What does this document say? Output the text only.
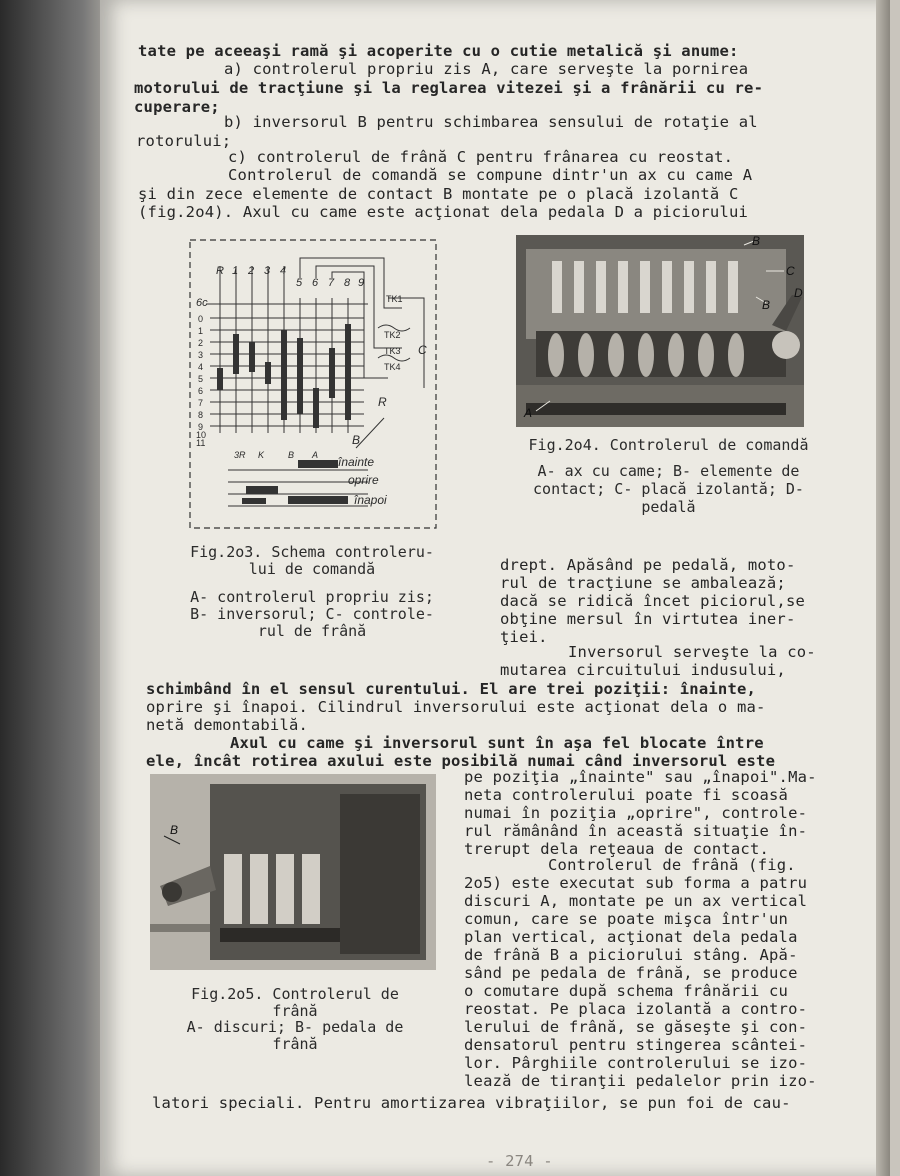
tate pe aceeaşi ramă şi acoperite cu o cutie metalică şi anume:
a) controlerul propriu zis A, care serveşte la pornirea
motorului de tracţiune şi la reglarea vitezei şi a frânării cu re-
cuperare;
b) inversorul B pentru schimbarea sensului de rotaţie al
rotorului;
c) controlerul de frână C pentru frânarea cu reostat.
Controlerul de comandă se compune dintr'un ax cu came A
şi din zece elemente de contact B montate pe o placă izolantă C
(fig.2o4). Axul cu came este acţionat dela pedala D a piciorului
R 1 2 3 4
5 6 7 8 9
6c
0
1
2
3
4
5
6
7
8
9
10
11
TK1
TK2
TK3
TK4
R
C
B
3R K	B A înainte
oprire
înapoi
Fig.2o3. Schema controleru-
lui de comandă
A- controlerul propriu zis;
B- inversorul; C- controle-
rul de frână
B
C
B
D
A
Fig.2o4. Controlerul de comandă
A- ax cu came; B- elemente de
contact; C- placă izolantă; D-
pedală
drept. Apăsând pe pedală, moto-
rul de tracţiune se ambalează;
dacă se ridică încet piciorul,se
obţine mersul în virtutea iner-
ţiei.
Inversorul serveşte la co-
mutarea circuitului indusului,
schimbând în el sensul curentului. El are trei poziţii: înainte,
oprire şi înapoi. Cilindrul inversorului este acţionat dela o ma-
netă demontabilă.
Axul cu came şi inversorul sunt în aşa fel blocate între
ele, încât rotirea axului este posibilă numai când inversorul este
B
Fig.2o5. Controlerul de
frână
A- discuri; B- pedala de
frână
pe poziţia „înainte" sau „înapoi".Ma-
neta controlerului poate fi scoasă
numai în poziţia „oprire", controle-
rul rămânând în această situaţie în-
trerupt dela reţeaua de contact.
Controlerul de frână (fig.
2o5) este executat sub forma a patru
discuri A, montate pe un ax vertical
comun, care se poate mişca într'un
plan vertical, acţionat dela pedala
de frână B a piciorului stâng. Apă-
sând pe pedala de frână, se produce
o comutare după schema frânării cu
reostat. Pe placa izolantă a contro-
lerului de frână, se găseşte şi con-
densatorul pentru stingerea scântei-
lor. Pârghiile controlerului se izo-
lează de tiranţii pedalelor prin izo-
latori speciali. Pentru amortizarea vibraţiilor, se pun foi de cau-
- 274 -
